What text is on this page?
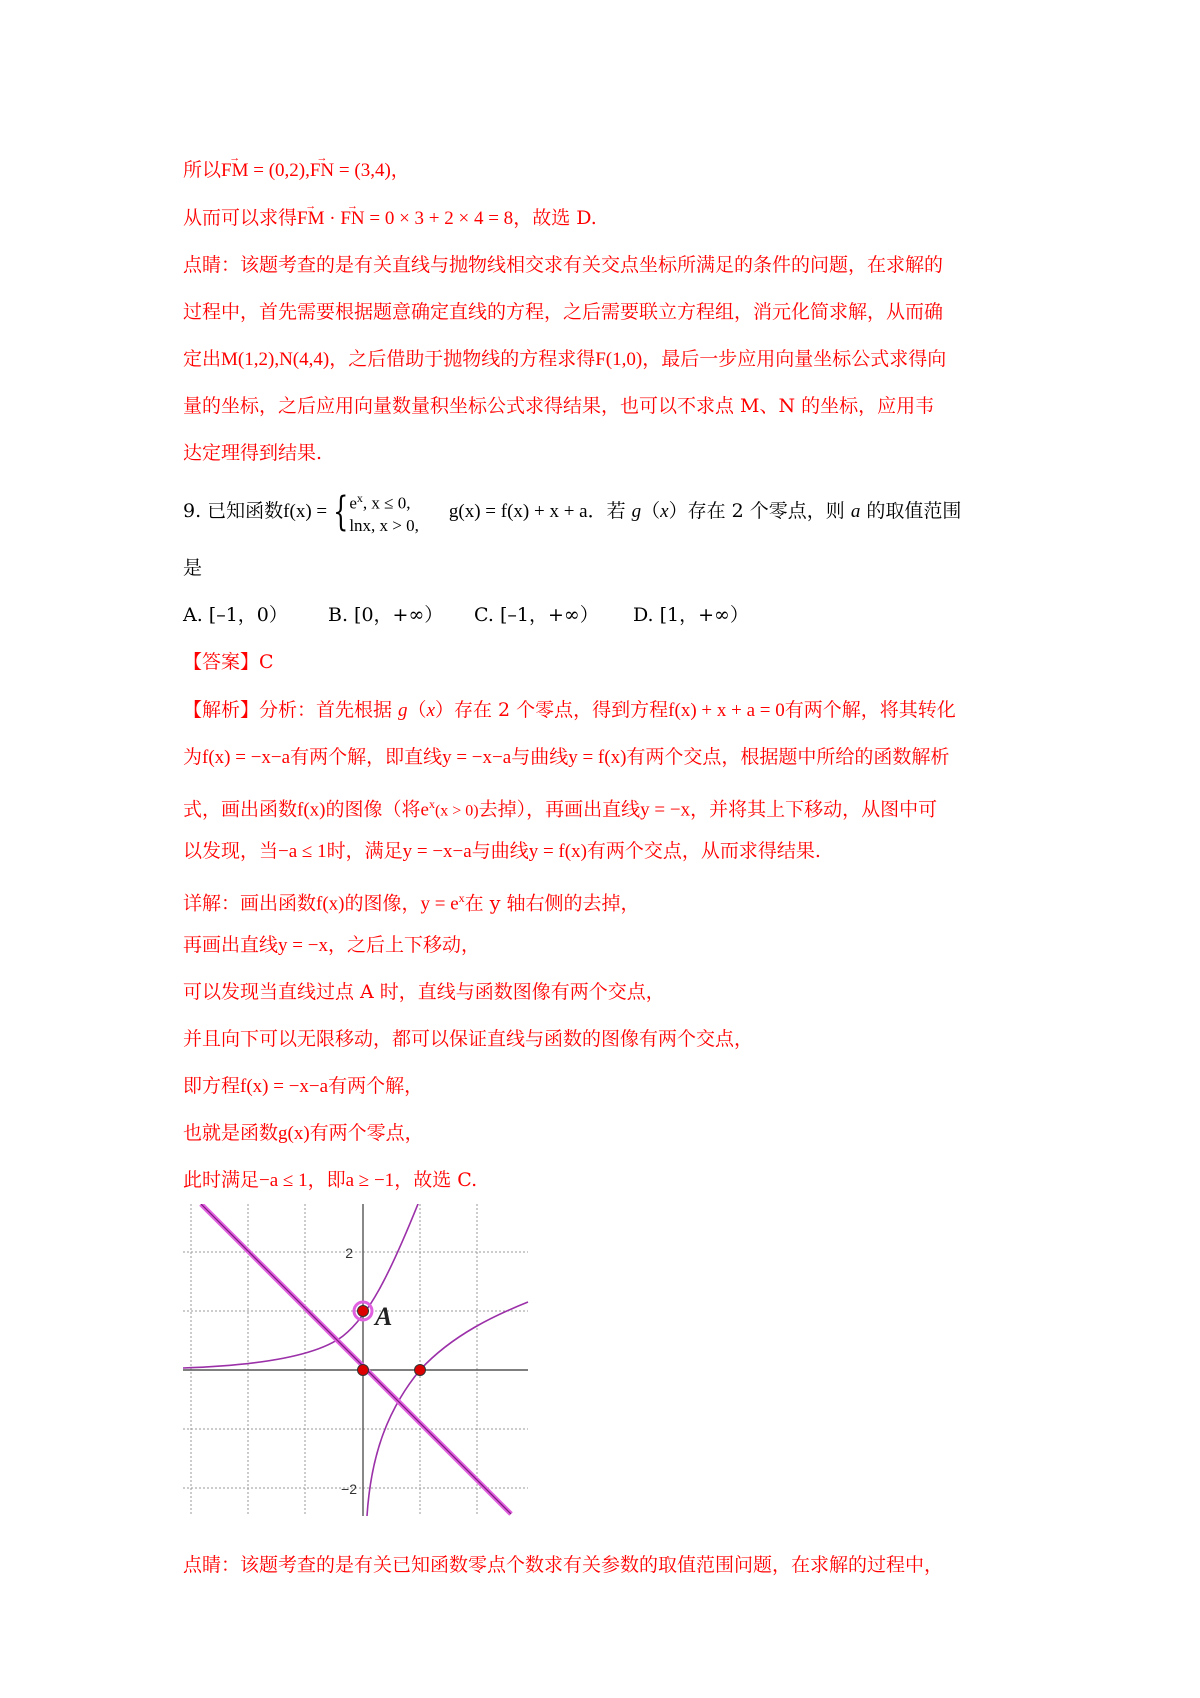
所以→ FM = (0,2),→ FN = (3,4)，
从而可以求得→ FM · → FN = 0 × 3 + 2 × 4 = 8，故选 D.
点睛：该题考查的是有关直线与抛物线相交求有关交点坐标所满足的条件的问题，在求解的
过程中，首先需要根据题意确定直线的方程，之后需要联立方程组，消元化简求解，从而确
定出M(1,2),N(4,4)，之后借助于抛物线的方程求得F(1,0)，最后一步应用向量坐标公式求得向
量的坐标，之后应用向量数量积坐标公式求得结果，也可以不求点 M、N 的坐标，应用韦
达定理得到结果.
9. 已知函数f(x) = { $e^x$, x ≤ 0,
lnx, x > 0,
g(x) = f(x) + x + a．若 g（x）存在 2 个零点，则 a 的取值范围
是
A. [–1，0） B. [0，+∞） C. [–1，+∞） D. [1，+∞）
【答案】C
【解析】分析：首先根据 g（x）存在 2 个零点，得到方程f(x) + x + a = 0有两个解，将其转化
为f(x) = −x−a有两个解，即直线y = −x−a与曲线y = f(x)有两个交点，根据题中所给的函数解析
式，画出函数f(x)的图像（将$e^x(x > 0)$去掉），再画出直线y = −x，并将其上下移动，从图中可
以发现，当−a ≤ 1时，满足y = −x−a与曲线y = f(x)有两个交点，从而求得结果.
详解：画出函数f(x)的图像，$y = e^x$在 y 轴右侧的去掉，
再画出直线y = −x，之后上下移动，
可以发现当直线过点 A 时，直线与函数图像有两个交点，
并且向下可以无限移动，都可以保证直线与函数的图像有两个交点，
即方程f(x) = −x−a有两个解，
也就是函数g(x)有两个零点，
此时满足−a ≤ 1，即a ≥ −1，故选 C.
2
−2
A
点睛：该题考查的是有关已知函数零点个数求有关参数的取值范围问题，在求解的过程中，
